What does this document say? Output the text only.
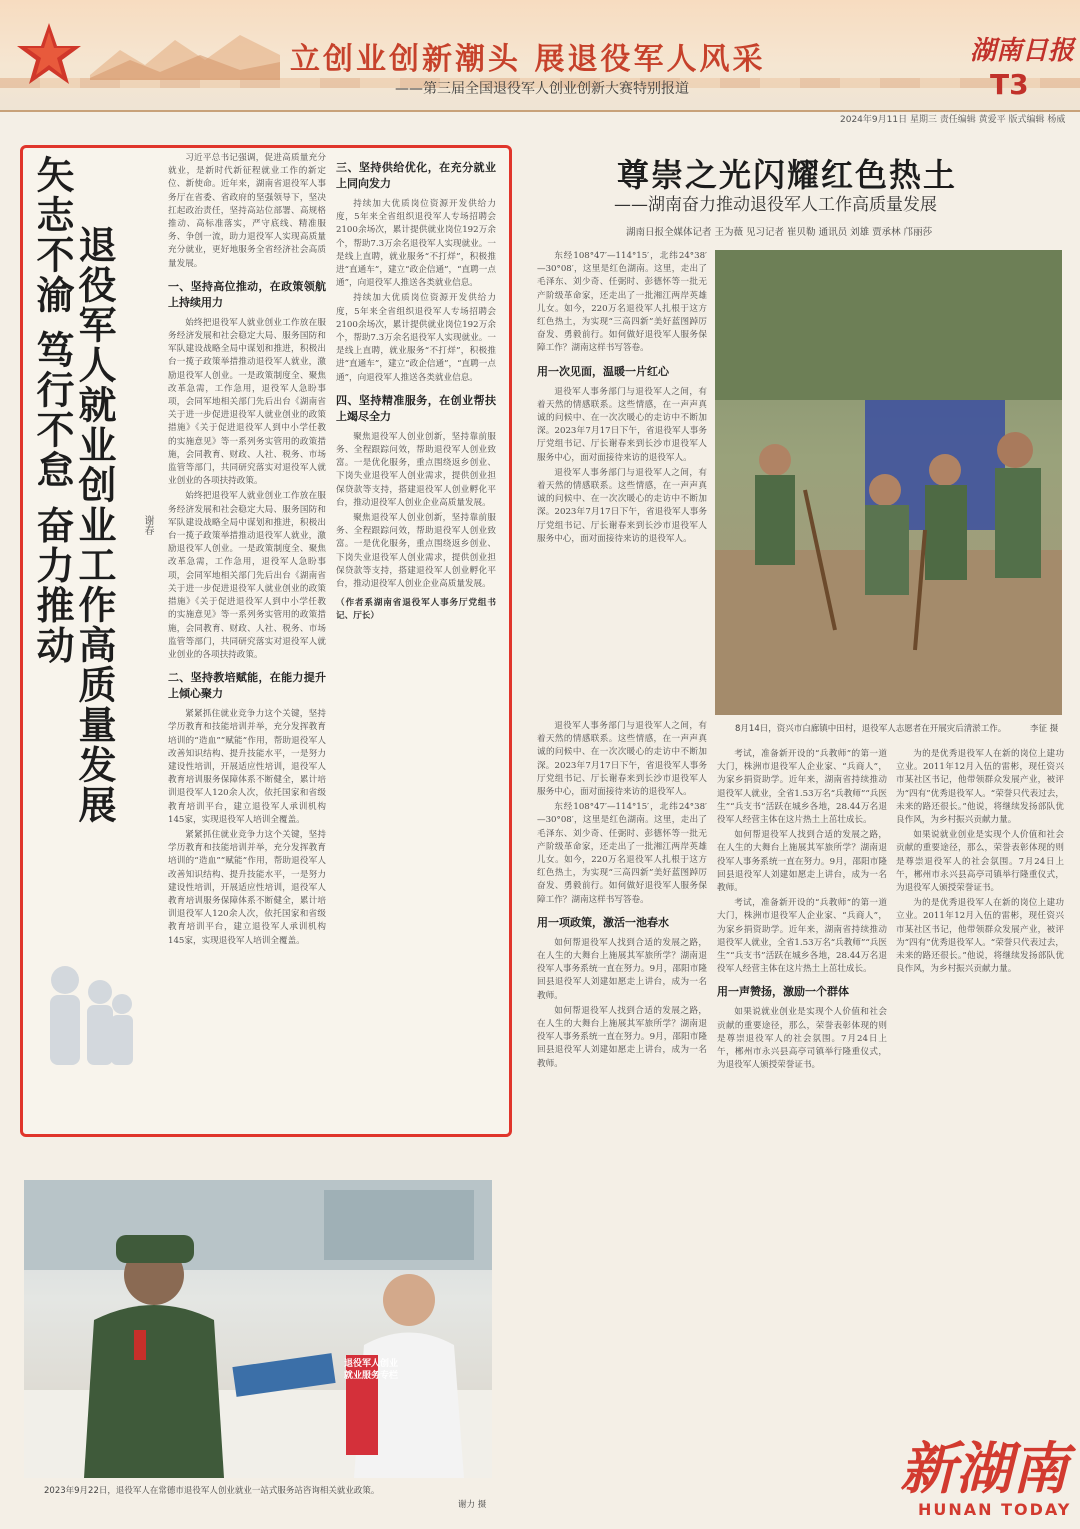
立创业创新潮头 展退役军人风采
——第三届全国退役军人创业创新大赛特别报道
湖南日报
T3
2024年9月11日 星期三 责任编辑 黄爱平 版式编辑 杨威
退役军人就业创业工作高质量发展
矢志不渝 笃行不怠 奋力推动	谢春

习近平总书记强调，促进高质量充分就业，是新时代新征程就业工作的新定位、新使命。近年来，湖南省退役军人事务厅在省委、省政府的坚强领导下，坚决扛起政治责任，坚持高站位部署、高规格推动、高标准落实，严守底线、精准服务、争创一流，助力退役军人实现高质量充分就业，更好地服务全省经济社会高质量发展。

一、坚持高位推动，在政策领航上持续用力

始终把退役军人就业创业工作放在服务经济发展和社会稳定大局、服务国防和军队建设战略全局中谋划和推进，积极出台一揽子政策举措推动退役军人就业，激励退役军人创业。一是政策制度全、聚焦改革急需，工作急用，退役军人急盼事项，会同军地相关部门先后出台《湖南省关于进一步促进退役军人就业创业的政策措施》《关于促进退役军人到中小学任教的实施意见》等一系列务实管用的政策措施，会同教育、财政、人社、税务、市场监管等部门，共同研究落实对退役军人就业创业的各项扶持政策。

始终把退役军人就业创业工作放在服务经济发展和社会稳定大局、服务国防和军队建设战略全局中谋划和推进，积极出台一揽子政策举措推动退役军人就业，激励退役军人创业。一是政策制度全、聚焦改革急需，工作急用，退役军人急盼事项，会同军地相关部门先后出台《湖南省关于进一步促进退役军人就业创业的政策措施》《关于促进退役军人到中小学任教的实施意见》等一系列务实管用的政策措施，会同教育、财政、人社、税务、市场监管等部门，共同研究落实对退役军人就业创业的各项扶持政策。

二、坚持教培赋能，在能力提升上倾心聚力

紧紧抓住就业竞争力这个关键，坚持学历教育和技能培训并举，充分发挥教育培训的“造血”“赋能”作用，帮助退役军人改善知识结构、提升技能水平，一是努力建设性培训，开展适应性培训，退役军人教育培训服务保障体系不断健全，累计培训退役军人120余人次，依托国家和省级教育培训平台，建立退役军人承训机构145家，实现退役军人培训全覆盖。

紧紧抓住就业竞争力这个关键，坚持学历教育和技能培训并举，充分发挥教育培训的“造血”“赋能”作用，帮助退役军人改善知识结构、提升技能水平，一是努力建设性培训，开展适应性培训，退役军人教育培训服务保障体系不断健全，累计培训退役军人120余人次，依托国家和省级教育培训平台，建立退役军人承训机构145家，实现退役军人培训全覆盖。

三、坚持供给优化，在充分就业上同向发力

持续加大优质岗位资源开发供给力度，5年来全省组织退役军人专场招聘会2100余场次，累计提供就业岗位192万余个，帮助7.3万余名退役军人实现就业。一是线上直聘，就业服务“不打烊”，积极推进“直通车”，建立“政企信通”，“直聘一点通”，向退役军人推送各类就业信息。

持续加大优质岗位资源开发供给力度，5年来全省组织退役军人专场招聘会2100余场次，累计提供就业岗位192万余个，帮助7.3万余名退役军人实现就业。一是线上直聘，就业服务“不打烊”，积极推进“直通车”，建立“政企信通”，“直聘一点通”，向退役军人推送各类就业信息。

四、坚持精准服务，在创业帮扶上竭尽全力

聚焦退役军人创业创新，坚持靠前服务、全程跟踪问效，帮助退役军人创业致富。一是优化服务，重点围绕返乡创业、下岗失业退役军人创业需求，提供创业担保贷款等支持，搭建退役军人创业孵化平台，推动退役军人创业企业高质量发展。

聚焦退役军人创业创新，坚持靠前服务、全程跟踪问效，帮助退役军人创业致富。一是优化服务，重点围绕返乡创业、下岗失业退役军人创业需求，提供创业担保贷款等支持，搭建退役军人创业孵化平台，推动退役军人创业企业高质量发展。

（作者系湖南省退役军人事务厅党组书记、厅长）
退役军人创业就业服务专栏
2023年9月22日，退役军人在常德市退役军人创业就业一站式服务站咨询相关就业政策。
谢力 摄
尊崇之光闪耀红色热土
——湖南奋力推动退役军人工作高质量发展
湖南日报全媒体记者 王为薇 见习记者 崔贝勒 通讯员 刘雄 贾承林 邝丽莎

东经108°47′—114°15′，北纬24°38′—30°08′，这里是红色湖南。这里，走出了毛泽东、刘少奇、任弼时、彭德怀等一批无产阶级革命家，还走出了一批湘江两岸英雄儿女。如今，220万名退役军人扎根于这方红色热土，为实现“三高四新”美好蓝图踔厉奋发、勇毅前行。如何做好退役军人服务保障工作？湖南这样书写答卷。

用一次见面，温暖一片红心

退役军人事务部门与退役军人之间，有着天然的情感联系。这些情感，在一声声真诚的问候中、在一次次暖心的走访中不断加深。2023年7月17日下午，省退役军人事务厅党组书记、厅长谢春来到长沙市退役军人服务中心，面对面接待来访的退役军人。

退役军人事务部门与退役军人之间，有着天然的情感联系。这些情感，在一声声真诚的问候中、在一次次暖心的走访中不断加深。2023年7月17日下午，省退役军人事务厅党组书记、厅长谢春来到长沙市退役军人服务中心，面对面接待来访的退役军人。

8月14日，资兴市白廊镇中田村，退役军人志愿者在开展灾后清淤工作。	李征 摄

退役军人事务部门与退役军人之间，有着天然的情感联系。这些情感，在一声声真诚的问候中、在一次次暖心的走访中不断加深。2023年7月17日下午，省退役军人事务厅党组书记、厅长谢春来到长沙市退役军人服务中心，面对面接待来访的退役军人。

东经108°47′—114°15′，北纬24°38′—30°08′，这里是红色湖南。这里，走出了毛泽东、刘少奇、任弼时、彭德怀等一批无产阶级革命家，还走出了一批湘江两岸英雄儿女。如今，220万名退役军人扎根于这方红色热土，为实现“三高四新”美好蓝图踔厉奋发、勇毅前行。如何做好退役军人服务保障工作？湖南这样书写答卷。

用一项政策，激活一池春水

如何帮退役军人找到合适的发展之路，在人生的大舞台上施展其军旅所学？湖南退役军人事务系统一直在努力。9月，邵阳市隆回县退役军人刘建如愿走上讲台，成为一名教师。

如何帮退役军人找到合适的发展之路，在人生的大舞台上施展其军旅所学？湖南退役军人事务系统一直在努力。9月，邵阳市隆回县退役军人刘建如愿走上讲台，成为一名教师。

考试，准备新开设的“兵教师”的第一道大门，株洲市退役军人企业家、“兵商人”，为家乡捐资助学。近年来，湖南省持续推动退役军人就业，全省1.53万名“兵教师”“兵医生”“兵支书”活跃在城乡各地，28.44万名退役军人经营主体在这片热土上茁壮成长。

如何帮退役军人找到合适的发展之路，在人生的大舞台上施展其军旅所学？湖南退役军人事务系统一直在努力。9月，邵阳市隆回县退役军人刘建如愿走上讲台，成为一名教师。

考试，准备新开设的“兵教师”的第一道大门，株洲市退役军人企业家、“兵商人”，为家乡捐资助学。近年来，湖南省持续推动退役军人就业，全省1.53万名“兵教师”“兵医生”“兵支书”活跃在城乡各地，28.44万名退役军人经营主体在这片热土上茁壮成长。

用一声赞扬，激励一个群体

如果说就业创业是实现个人价值和社会贡献的重要途径，那么，荣誉表彰体现的则是尊崇退役军人的社会氛围。7月24日上午，郴州市永兴县高亭司镇举行隆重仪式，为退役军人颁授荣誉证书。

为的是优秀退役军人在新的岗位上建功立业。2011年12月入伍的雷彬，现任资兴市某社区书记，他带领群众发展产业，被评为“四有”优秀退役军人。“荣誉只代表过去，未来的路还很长。”他说，将继续发扬部队优良作风，为乡村振兴贡献力量。

如果说就业创业是实现个人价值和社会贡献的重要途径，那么，荣誉表彰体现的则是尊崇退役军人的社会氛围。7月24日上午，郴州市永兴县高亭司镇举行隆重仪式，为退役军人颁授荣誉证书。

为的是优秀退役军人在新的岗位上建功立业。2011年12月入伍的雷彬，现任资兴市某社区书记，他带领群众发展产业，被评为“四有”优秀退役军人。“荣誉只代表过去，未来的路还很长。”他说，将继续发扬部队优良作风，为乡村振兴贡献力量。

新湖南
HUNAN TODAY
